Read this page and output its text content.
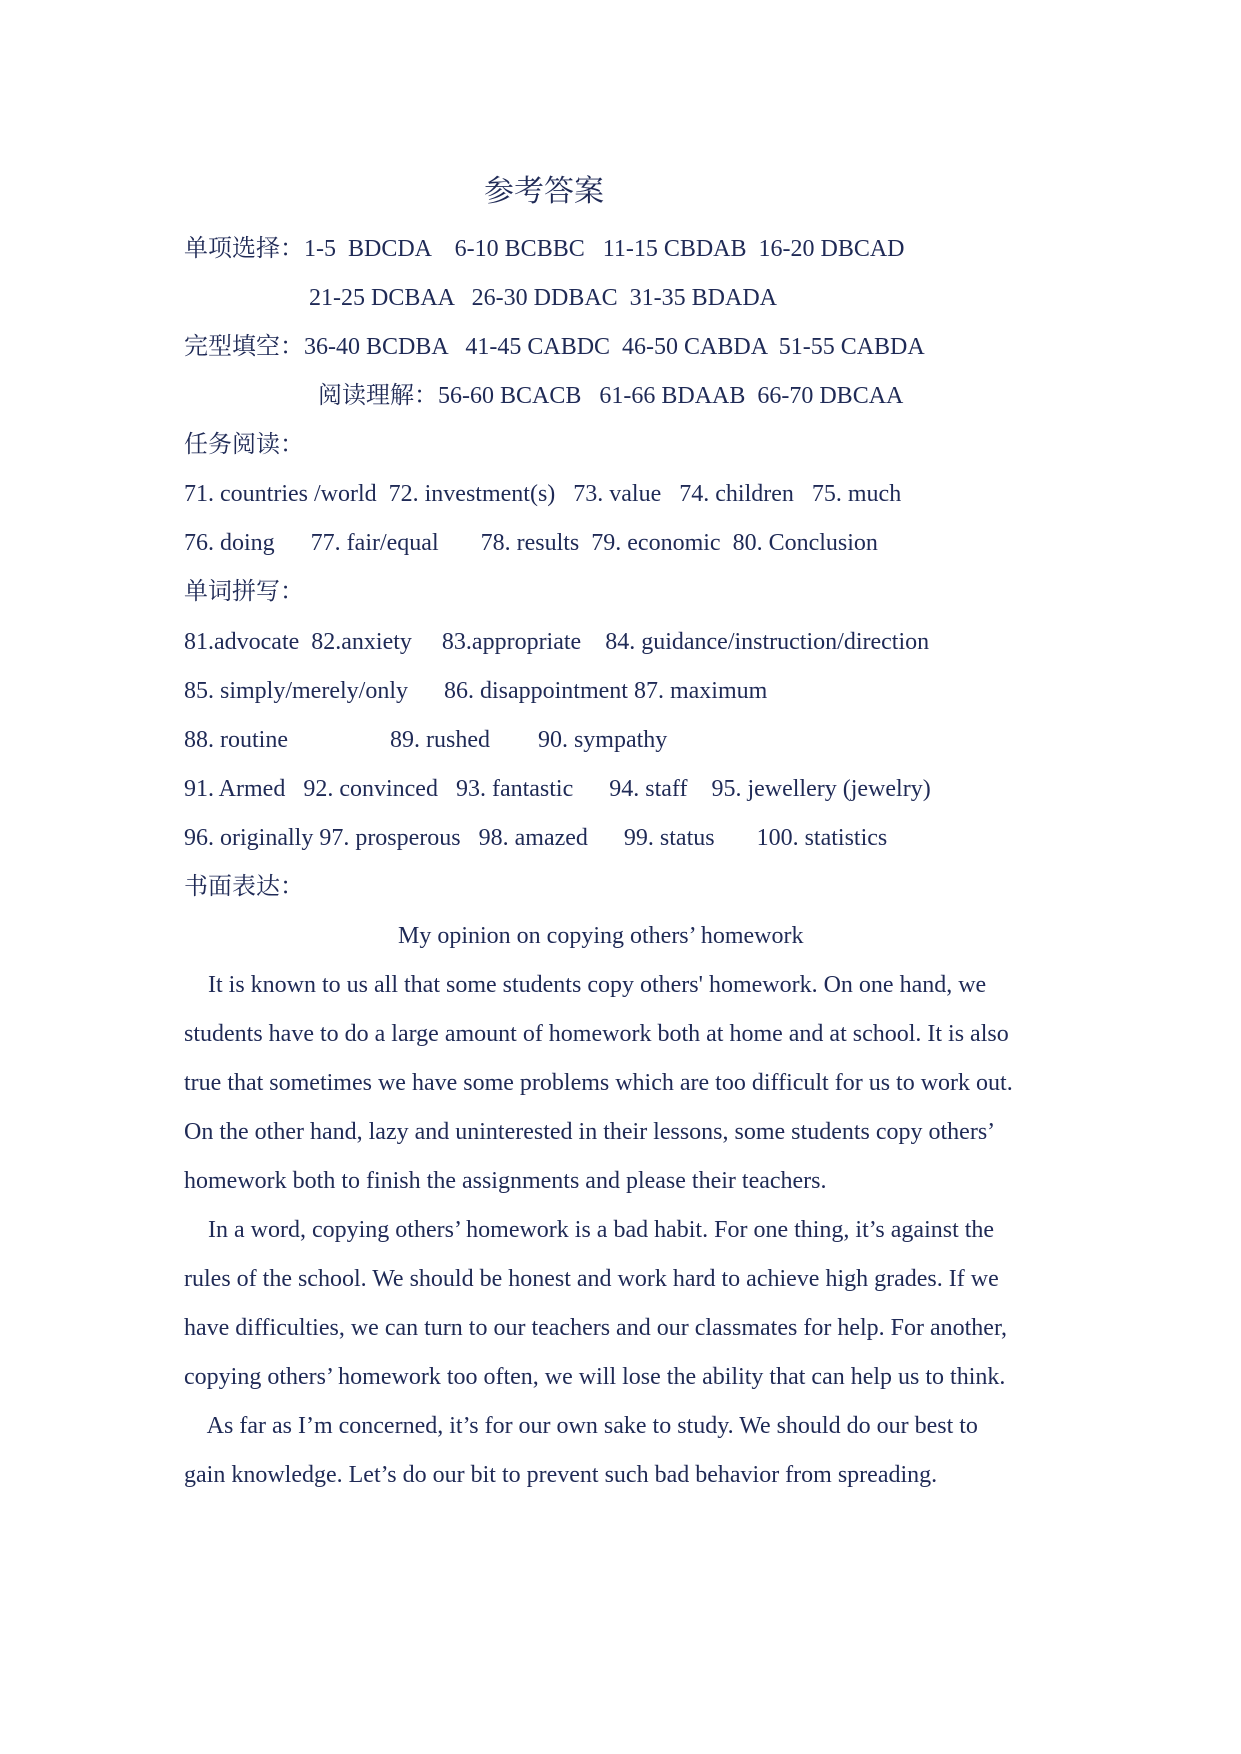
参考答案
单项选择：1-5  BDCDA    6-10 BCBBC   11-15 CBDAB  16-20 DBCAD
21-25 DCBAA   26-30 DDBAC  31-35 BDADA
完型填空：36-40 BCDBA   41-45 CABDC  46-50 CABDA  51-55 CABDA
阅读理解：56-60 BCACB   61-66 BDAAB  66-70 DBCAA
任务阅读：
71. countries /world  72. investment(s)   73. value   74. children   75. much
76. doing      77. fair/equal       78. results  79. economic  80. Conclusion
单词拼写：
81.advocate  82.anxiety     83.appropriate    84. guidance/instruction/direction
85. simply/merely/only      86. disappointment 87. maximum
88. routine                 89. rushed        90. sympathy
91. Armed   92. convinced   93. fantastic      94. staff    95. jewellery (jewelry)
96. originally 97. prosperous   98. amazed      99. status       100. statistics
书面表达：
My opinion on copying others’ homework
It is known to us all that some students copy others' homework. On one hand, we
students have to do a large amount of homework both at home and at school. It is also
true that sometimes we have some problems which are too difficult for us to work out.
On the other hand, lazy and uninterested in their lessons, some students copy others’
homework both to finish the assignments and please their teachers.
In a word, copying others’ homework is a bad habit. For one thing, it’s against the
rules of the school. We should be honest and work hard to achieve high grades. If we
have difficulties, we can turn to our teachers and our classmates for help. For another,
copying others’ homework too often, we will lose the ability that can help us to think.
As far as I’m concerned, it’s for our own sake to study. We should do our best to
gain knowledge. Let’s do our bit to prevent such bad behavior from spreading.
